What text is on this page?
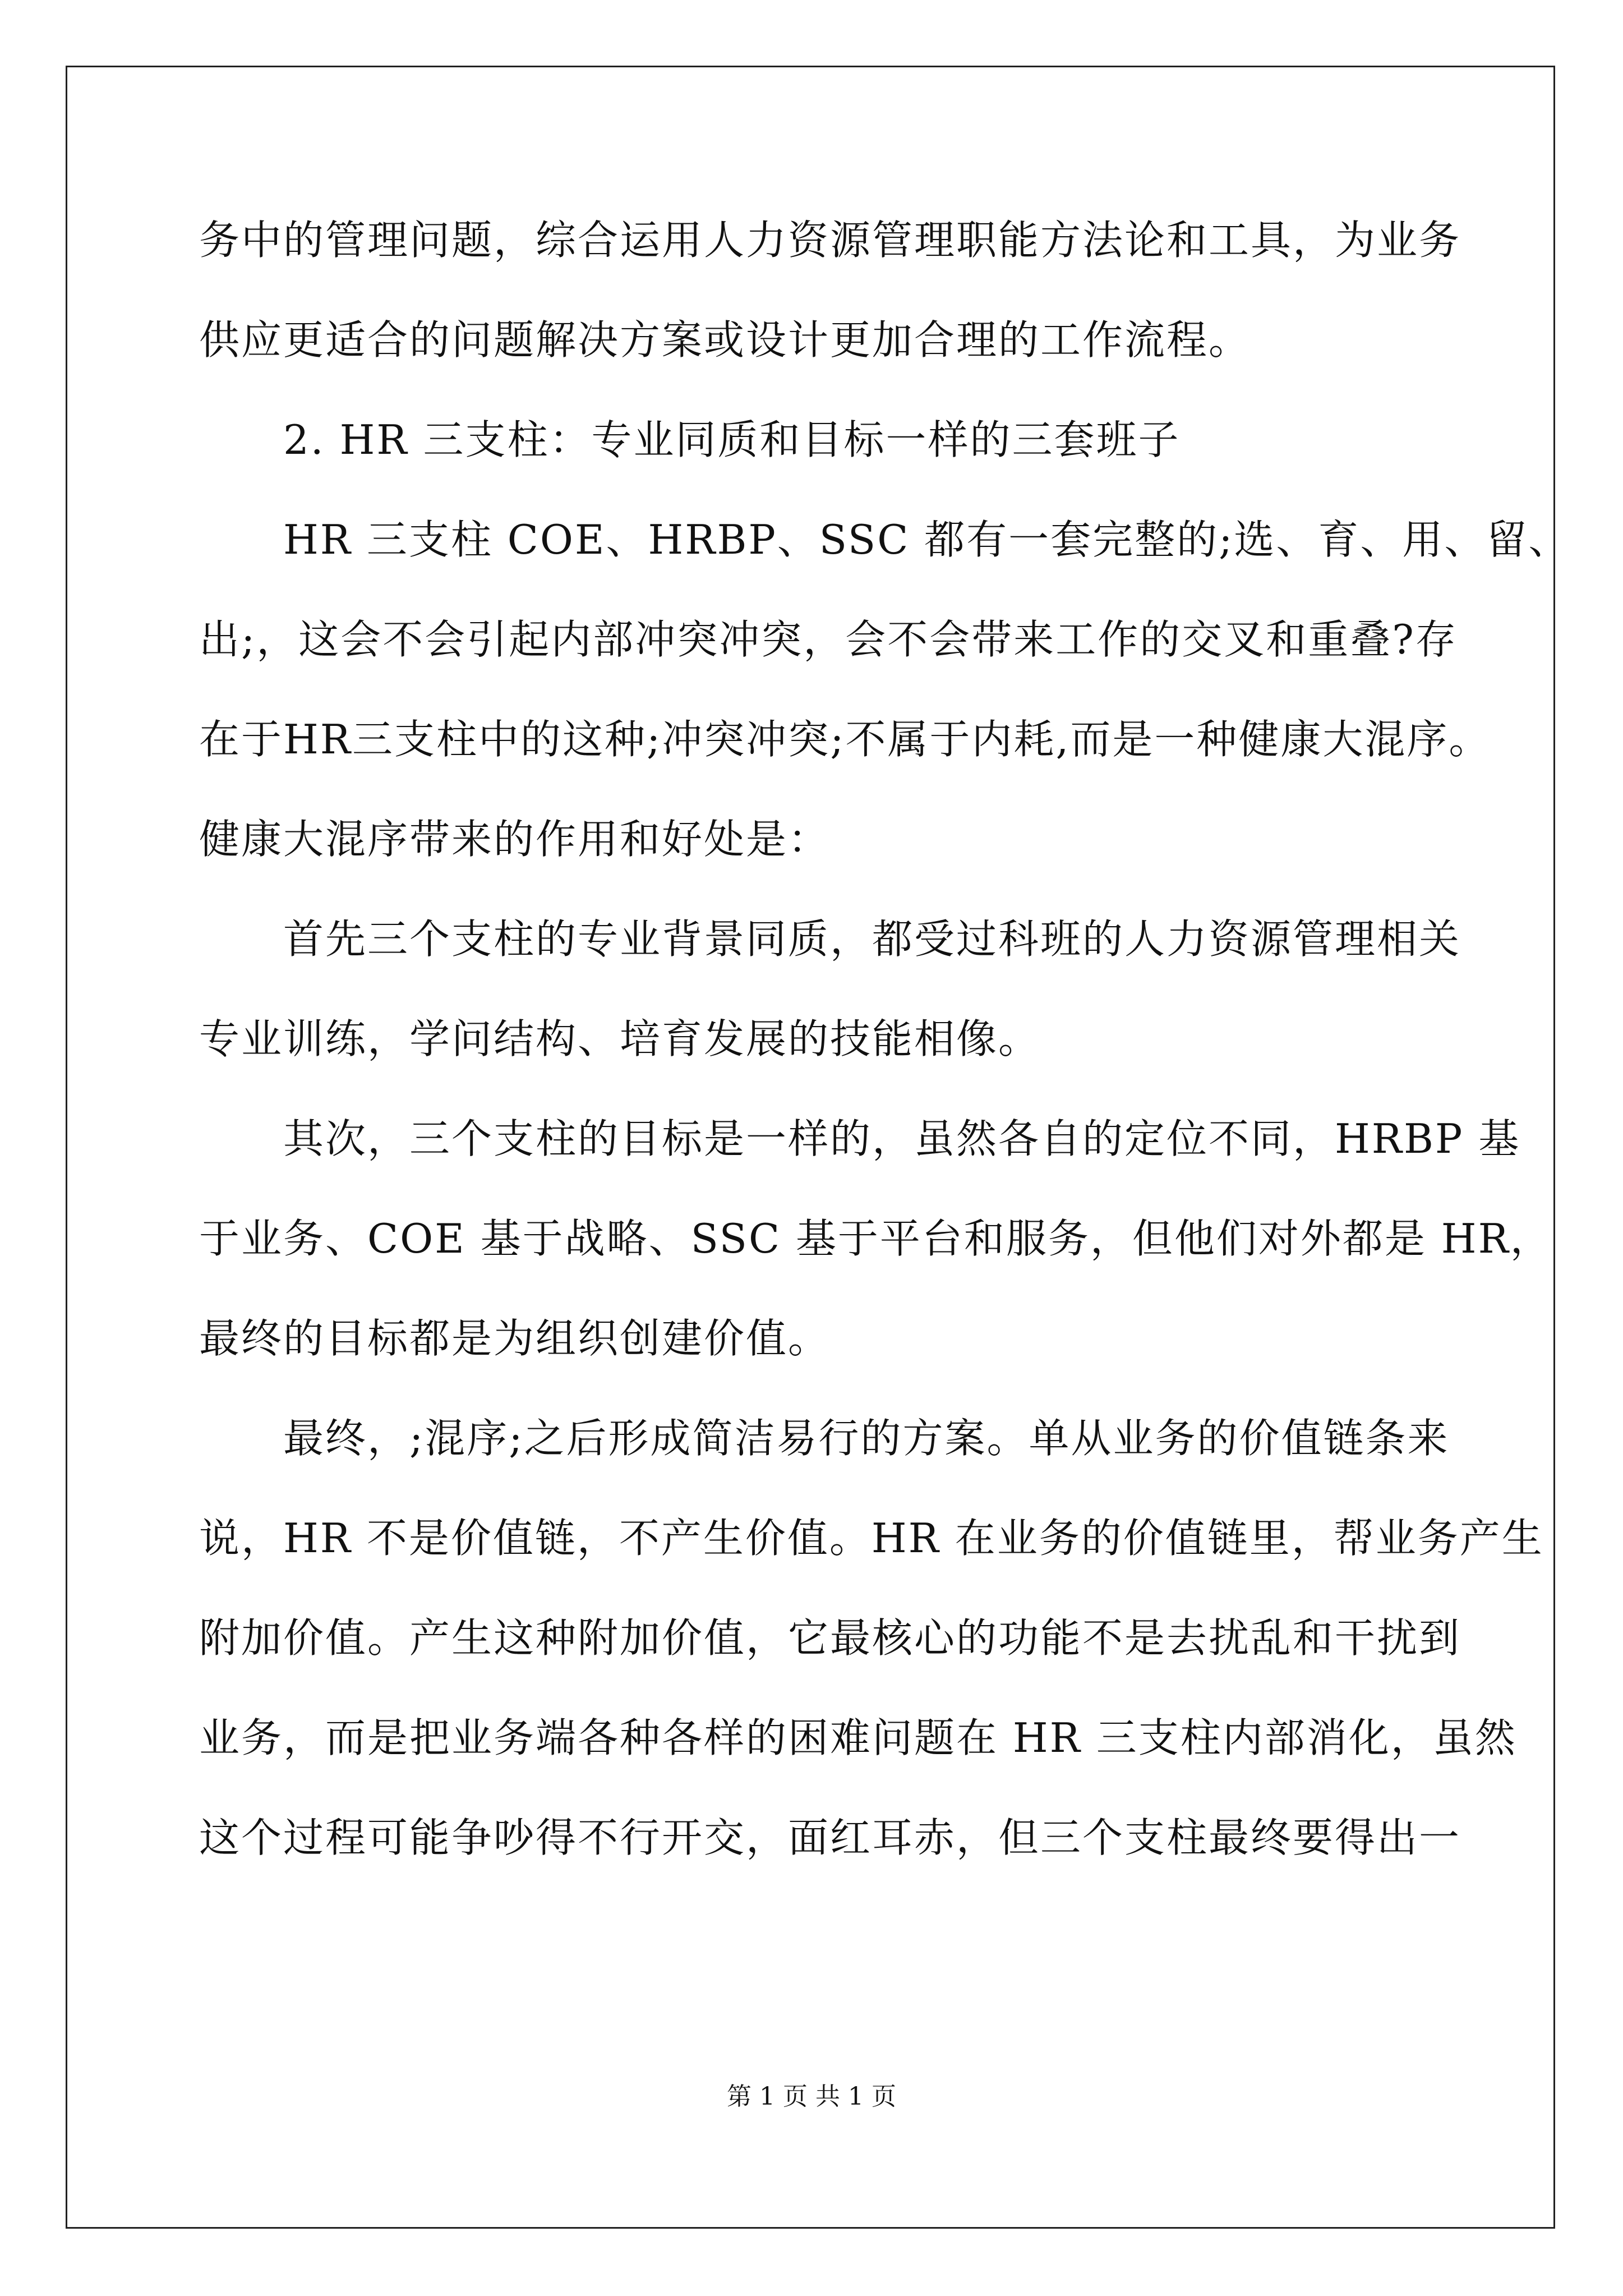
务中的管理问题，综合运用人力资源管理职能方法论和工具，为业务
供应更适合的问题解决方案或设计更加合理的工作流程。
2. HR 三支柱：专业同质和目标一样的三套班子
HR 三支柱 COE、HRBP、SSC 都有一套完整的;选、育、用、留、
出;，这会不会引起内部冲突冲突，会不会带来工作的交叉和重叠?存
在于HR三支柱中的这种;冲突冲突;不属于内耗,而是一种健康大混序。
健康大混序带来的作用和好处是：
首先三个支柱的专业背景同质，都受过科班的人力资源管理相关
专业训练，学问结构、培育发展的技能相像。
其次，三个支柱的目标是一样的，虽然各自的定位不同，HRBP 基
于业务、COE 基于战略、SSC 基于平台和服务，但他们对外都是 HR，
最终的目标都是为组织创建价值。
最终，;混序;之后形成简洁易行的方案。单从业务的价值链条来
说，HR 不是价值链，不产生价值。HR 在业务的价值链里，帮业务产生
附加价值。产生这种附加价值，它最核心的功能不是去扰乱和干扰到
业务，而是把业务端各种各样的困难问题在 HR 三支柱内部消化，虽然
这个过程可能争吵得不行开交，面红耳赤，但三个支柱最终要得出一
第 1 页 共 1 页
